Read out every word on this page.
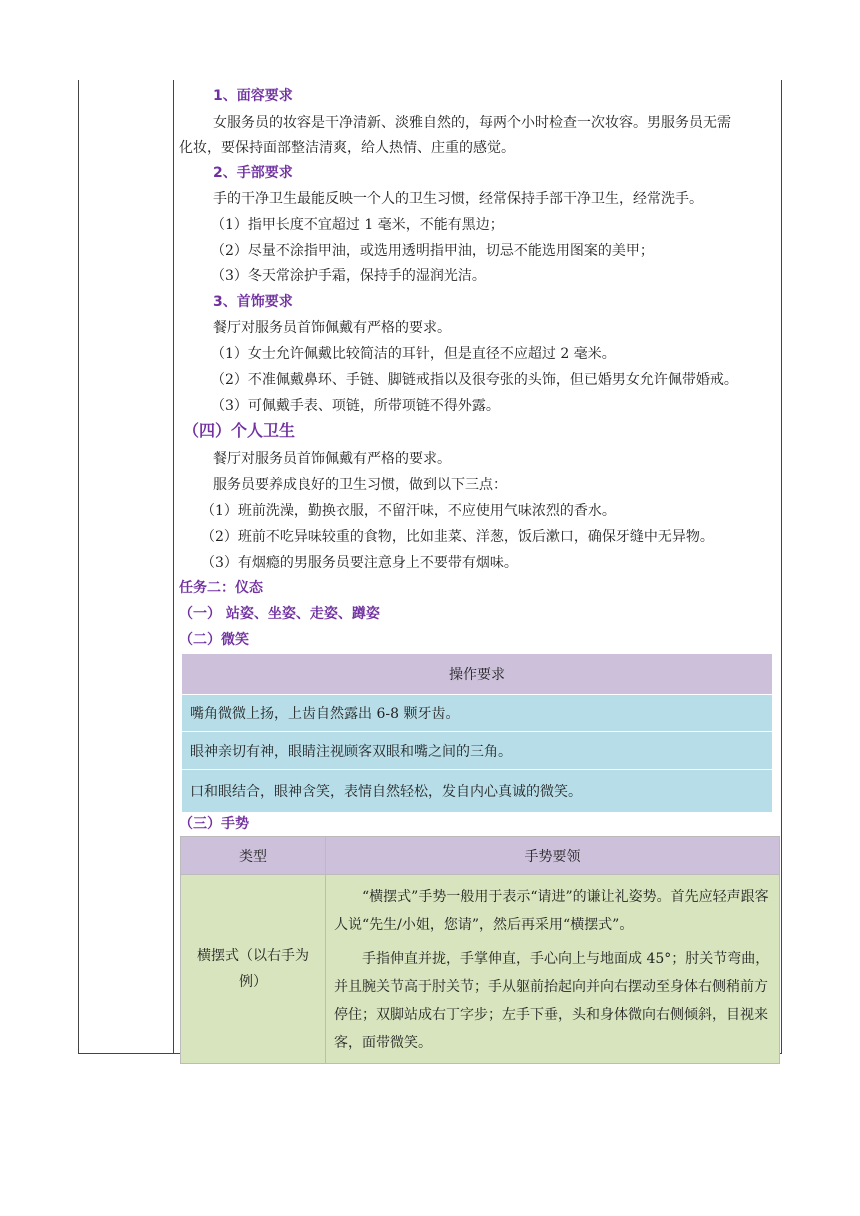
1、面容要求
女服务员的妆容是干净清新、淡雅自然的，每两个小时检查一次妆容。男服务员无需
化妆，要保持面部整洁清爽，给人热情、庄重的感觉。
2、手部要求
手的干净卫生最能反映一个人的卫生习惯，经常保持手部干净卫生，经常洗手。
（1）指甲长度不宜超过 1 毫米，不能有黑边；
（2）尽量不涂指甲油，或选用透明指甲油，切忌不能选用图案的美甲；
（3）冬天常涂护手霜，保持手的湿润光洁。
3、首饰要求
餐厅对服务员首饰佩戴有严格的要求。
（1）女士允许佩戴比较简洁的耳针，但是直径不应超过 2 毫米。
（2）不准佩戴鼻环、手链、脚链戒指以及很夸张的头饰，但已婚男女允许佩带婚戒。
（3）可佩戴手表、项链，所带项链不得外露。
（四）个人卫生
餐厅对服务员首饰佩戴有严格的要求。
服务员要养成良好的卫生习惯，做到以下三点：
（1）班前洗澡，勤换衣服，不留汗味，不应使用气味浓烈的香水。
（2）班前不吃异味较重的食物，比如韭菜、洋葱，饭后漱口，确保牙缝中无异物。
（3）有烟瘾的男服务员要注意身上不要带有烟味。
任务二：仪态
（一） 站姿、坐姿、走姿、蹲姿
（二）微笑
操作要求
嘴角微微上扬，上齿自然露出 6-8 颗牙齿。
眼神亲切有神，眼睛注视顾客双眼和嘴之间的三角。
口和眼结合，眼神含笑，表情自然轻松，发自内心真诚的微笑。
（三）手势
类型	手势要领
横摆式（以右手为例）	“横摆式”手势一般用于表示“请进”的谦让礼姿势。首先应轻声跟客人说“先生/小姐，您请”，然后再采用“横摆式”。

手指伸直并拢，手掌伸直，手心向上与地面成 45°；肘关节弯曲，并且腕关节高于肘关节；手从躯前抬起向并向右摆动至身体右侧稍前方停住；双脚站成右丁字步；左手下垂，头和身体微向右侧倾斜，目视来客，面带微笑。
